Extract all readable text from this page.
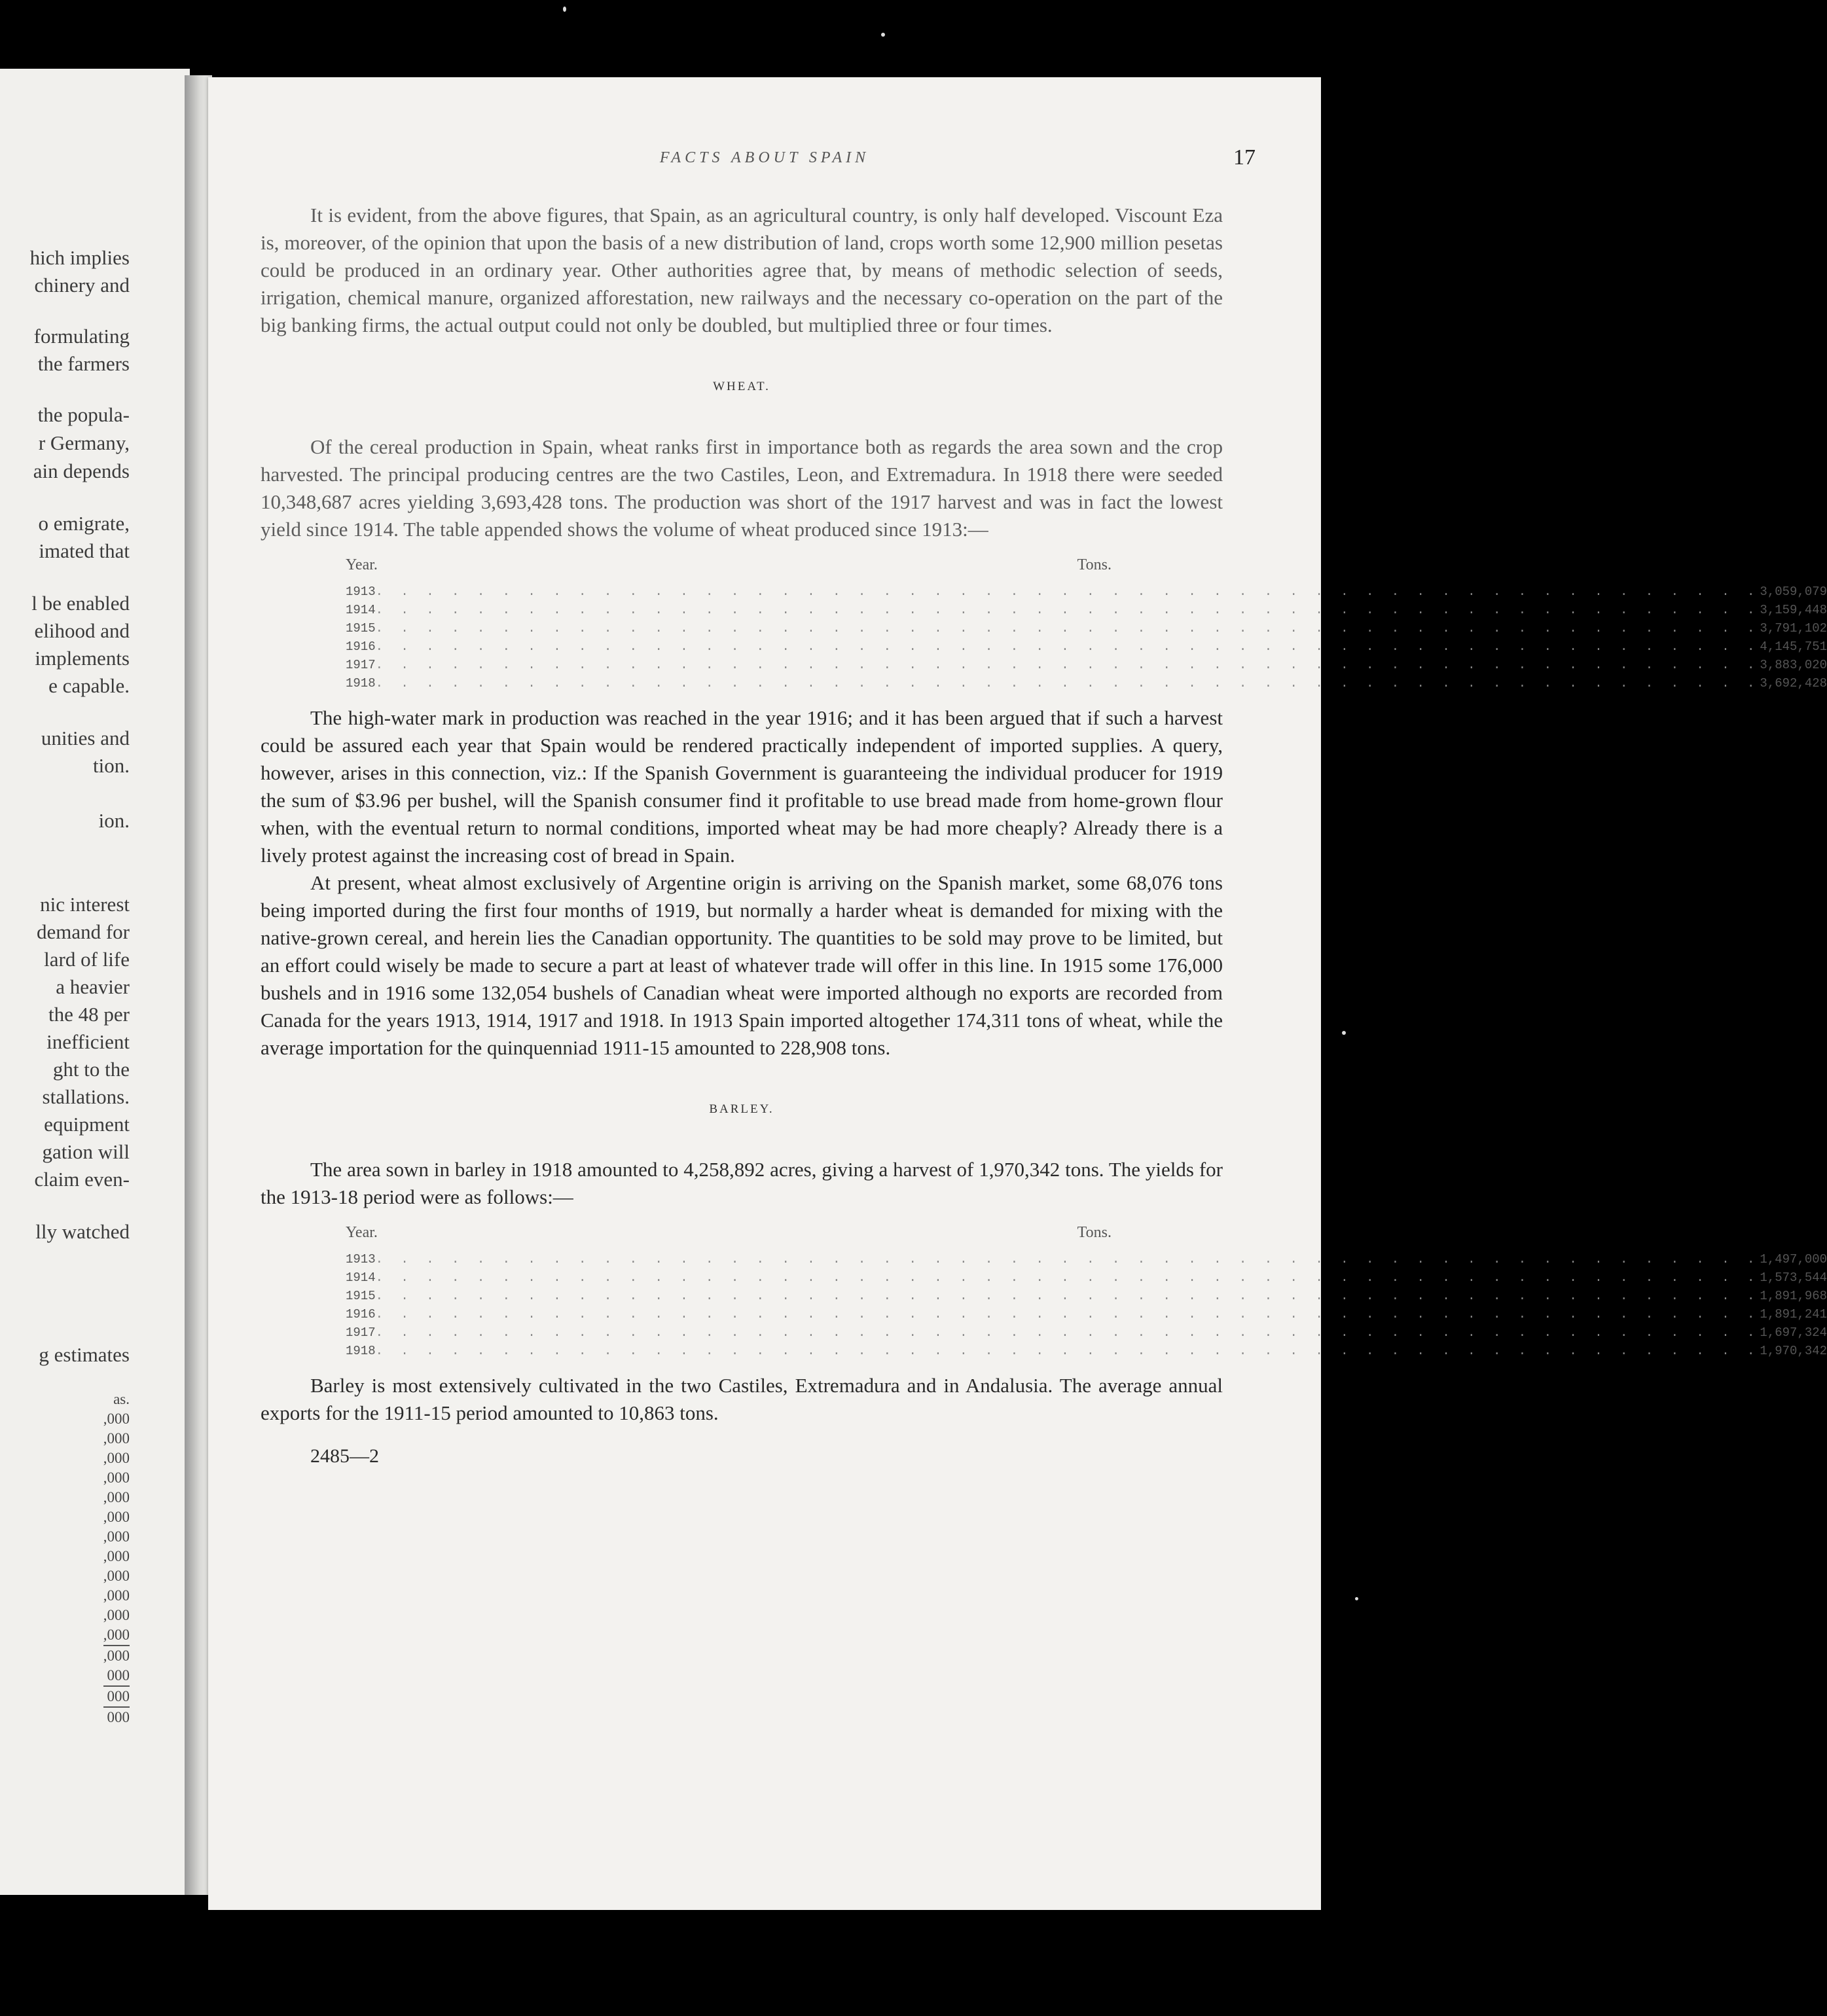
hich implies
chinery and
formulating
the farmers
the popula-
r Germany,
ain depends
o emigrate,
imated that
l be enabled
elihood and
implements
e capable.
unities and
tion.
ion.
nic interest
demand for
lard of life
a heavier
the 48 per
inefficient
ght to the
stallations.
equipment
gation will
claim even-
lly watched
g estimates
as.
,000
,000
,000
,000
,000
,000
,000
,000
,000
,000
,000
,000
,000
000
000
000
FACTS ABOUT SPAIN	17

It is evident, from the above figures, that Spain, as an agricultural country, is only half developed. Viscount Eza is, moreover, of the opinion that upon the basis of a new distribution of land, crops worth some 12,900 million pesetas could be produced in an ordinary year. Other authorities agree that, by means of methodic selection of seeds, irrigation, chemical manure, organized afforestation, new railways and the necessary co-operation on the part of the big banking firms, the actual output could not only be doubled, but multiplied three or four times.

WHEAT.

Of the cereal production in Spain, wheat ranks first in importance both as regards the area sown and the crop harvested. The principal producing centres are the two Castiles, Leon, and Extremadura. In 1918 there were seeded 10,348,687 acres yielding 3,693,428 tons. The production was short of the 1917 harvest and was in fact the lowest yield since 1914. The table appended shows the volume of wheat produced since 1913:—

Year.	Tons.
1913 . . . . . . . . . . . . . . . . . . . . . . . . . . . . . . . . . . . . . . . . . . . . . . . . . . . . . . . 3,059,079
1914 . . . . . . . . . . . . . . . . . . . . . . . . . . . . . . . . . . . . . . . . . . . . . . . . . . . . . . . 3,159,448
1915 . . . . . . . . . . . . . . . . . . . . . . . . . . . . . . . . . . . . . . . . . . . . . . . . . . . . . . . 3,791,102
1916 . . . . . . . . . . . . . . . . . . . . . . . . . . . . . . . . . . . . . . . . . . . . . . . . . . . . . . . 4,145,751
1917 . . . . . . . . . . . . . . . . . . . . . . . . . . . . . . . . . . . . . . . . . . . . . . . . . . . . . . . 3,883,020
1918 . . . . . . . . . . . . . . . . . . . . . . . . . . . . . . . . . . . . . . . . . . . . . . . . . . . . . . . 3,692,428

The high-water mark in production was reached in the year 1916; and it has been argued that if such a harvest could be assured each year that Spain would be rendered practically independent of imported supplies. A query, however, arises in this connection, viz.: If the Spanish Government is guaranteeing the individual producer for 1919 the sum of $3.96 per bushel, will the Spanish consumer find it profitable to use bread made from home-grown flour when, with the eventual return to normal conditions, imported wheat may be had more cheaply? Already there is a lively protest against the increasing cost of bread in Spain.

At present, wheat almost exclusively of Argentine origin is arriving on the Spanish market, some 68,076 tons being imported during the first four months of 1919, but normally a harder wheat is demanded for mixing with the native-grown cereal, and herein lies the Canadian opportunity. The quantities to be sold may prove to be limited, but an effort could wisely be made to secure a part at least of whatever trade will offer in this line. In 1915 some 176,000 bushels and in 1916 some 132,054 bushels of Canadian wheat were imported although no exports are recorded from Canada for the years 1913, 1914, 1917 and 1918. In 1913 Spain imported altogether 174,311 tons of wheat, while the average importation for the quinquenniad 1911-15 amounted to 228,908 tons.

BARLEY.

The area sown in barley in 1918 amounted to 4,258,892 acres, giving a harvest of 1,970,342 tons. The yields for the 1913-18 period were as follows:—

Year.	Tons.
1913 . . . . . . . . . . . . . . . . . . . . . . . . . . . . . . . . . . . . . . . . . . . . . . . . . . . . . . . 1,497,000
1914 . . . . . . . . . . . . . . . . . . . . . . . . . . . . . . . . . . . . . . . . . . . . . . . . . . . . . . . 1,573,544
1915 . . . . . . . . . . . . . . . . . . . . . . . . . . . . . . . . . . . . . . . . . . . . . . . . . . . . . . . 1,891,968
1916 . . . . . . . . . . . . . . . . . . . . . . . . . . . . . . . . . . . . . . . . . . . . . . . . . . . . . . . 1,891,241
1917 . . . . . . . . . . . . . . . . . . . . . . . . . . . . . . . . . . . . . . . . . . . . . . . . . . . . . . . 1,697,324
1918 . . . . . . . . . . . . . . . . . . . . . . . . . . . . . . . . . . . . . . . . . . . . . . . . . . . . . . . 1,970,342

Barley is most extensively cultivated in the two Castiles, Extremadura and in Andalusia. The average annual exports for the 1911-15 period amounted to 10,863 tons.

2485—2
